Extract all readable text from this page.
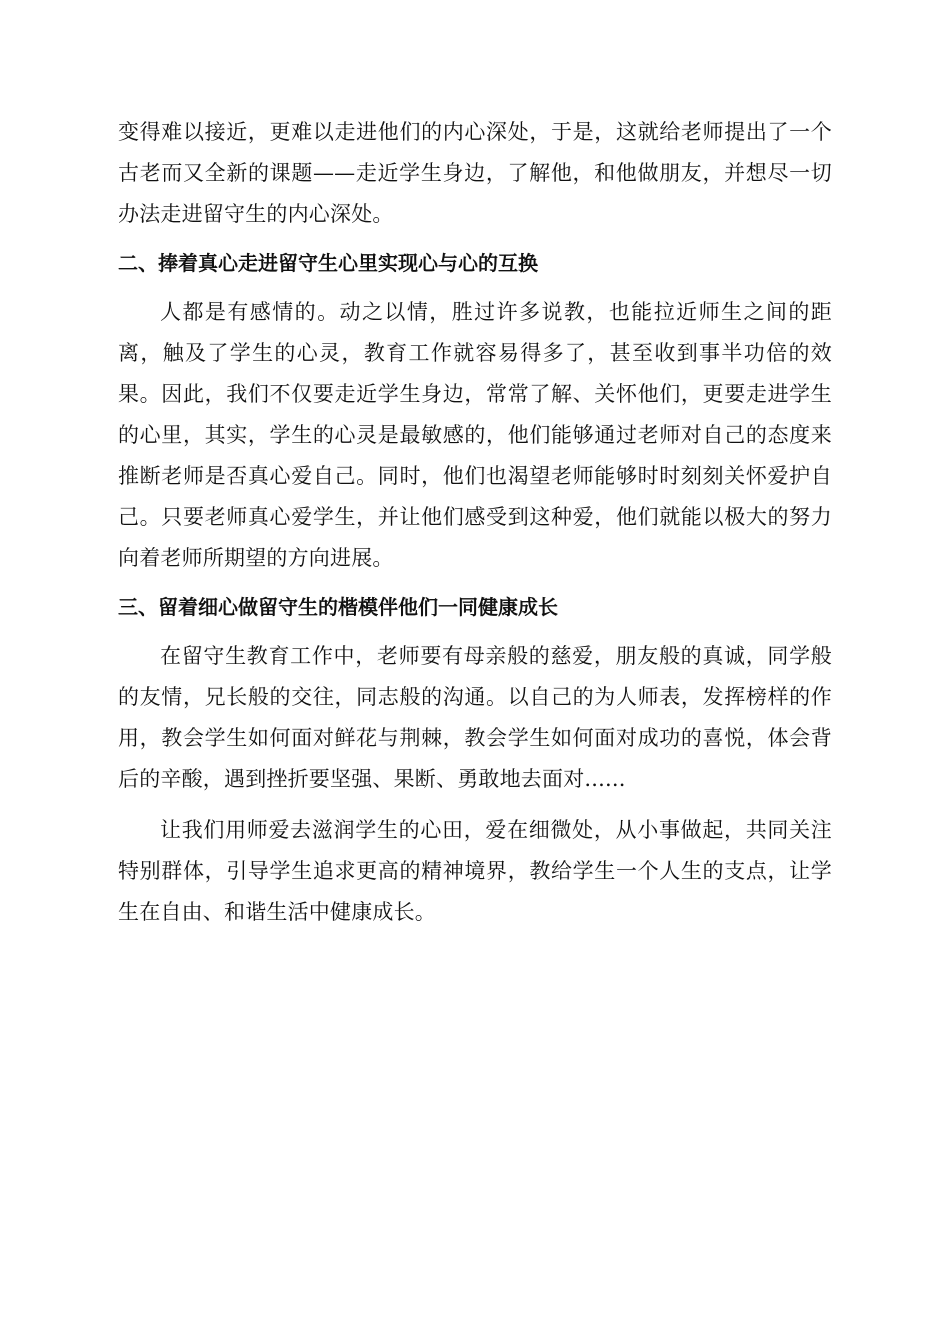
变得难以接近，更难以走进他们的内心深处，于是，这就给老师提出了一个古老而又全新的课题——走近学生身边，了解他，和他做朋友，并想尽一切办法走进留守生的内心深处。

二、捧着真心走进留守生心里实现心与心的互换

人都是有感情的。动之以情，胜过许多说教，也能拉近师生之间的距离，触及了学生的心灵，教育工作就容易得多了，甚至收到事半功倍的效果。因此，我们不仅要走近学生身边，常常了解、关怀他们，更要走进学生的心里，其实，学生的心灵是最敏感的，他们能够通过老师对自己的态度来推断老师是否真心爱自己。同时，他们也渴望老师能够时时刻刻关怀爱护自己。只要老师真心爱学生，并让他们感受到这种爱，他们就能以极大的努力向着老师所期望的方向进展。

三、留着细心做留守生的楷模伴他们一同健康成长

在留守生教育工作中，老师要有母亲般的慈爱，朋友般的真诚，同学般的友情，兄长般的交往，同志般的沟通。以自己的为人师表，发挥榜样的作用，教会学生如何面对鲜花与荆棘，教会学生如何面对成功的喜悦，体会背后的辛酸，遇到挫折要坚强、果断、勇敢地去面对......

让我们用师爱去滋润学生的心田，爱在细微处，从小事做起，共同关注特别群体，引导学生追求更高的精神境界，教给学生一个人生的支点，让学生在自由、和谐生活中健康成长。
